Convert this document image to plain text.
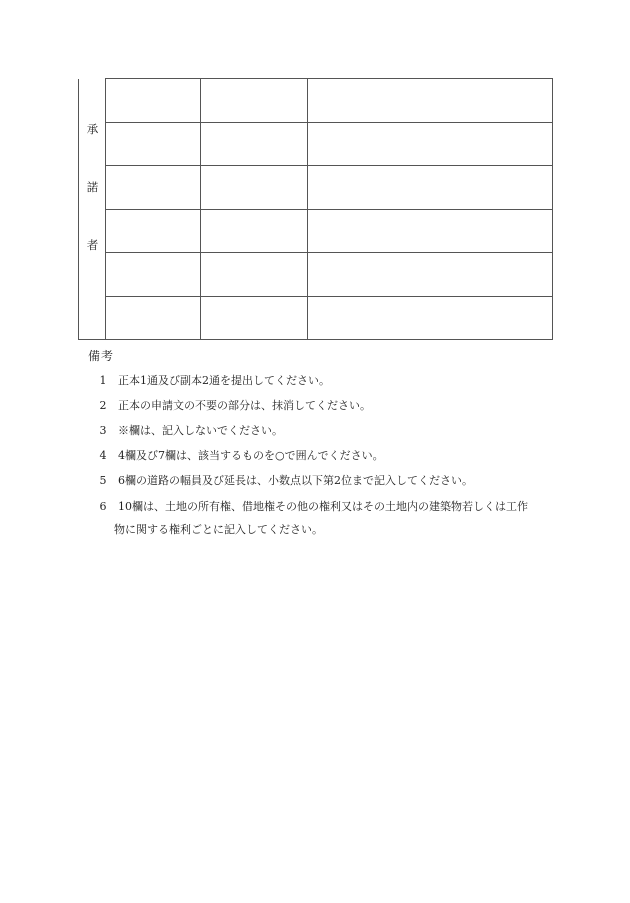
承
諾
者			

備考
1 正本1通及び副本2通を提出してください。
2 正本の申請文の不要の部分は、抹消してください。
3 ※欄は、記入しないでください。
4 4欄及び7欄は、該当するものを○で囲んでください。
5 6欄の道路の幅員及び延長は、小数点以下第2位まで記入してください。
6 10欄は、土地の所有権、借地権その他の権利又はその土地内の建築物若しくは工作
物に関する権利ごとに記入してください。
